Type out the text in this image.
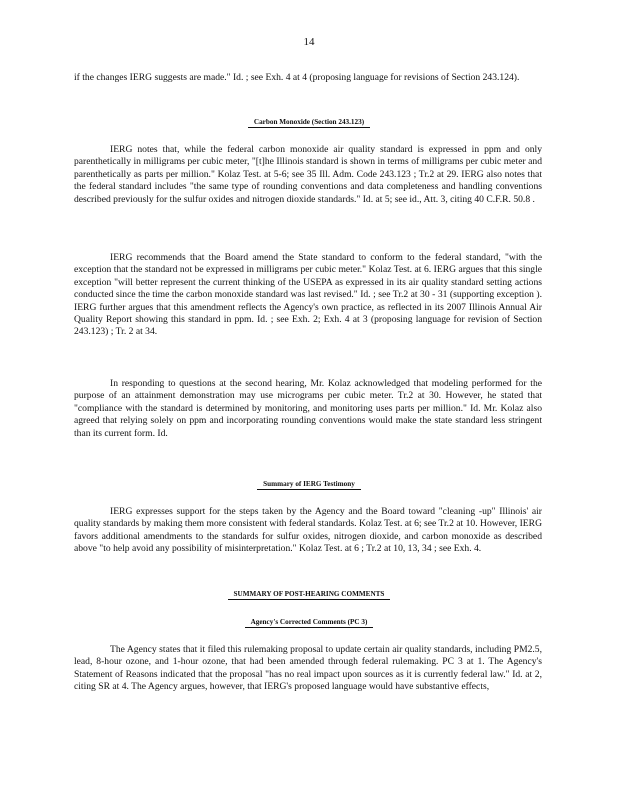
14
if the changes IERG suggests are made." Id. ; see Exh. 4 at 4 (proposing language for revisions of Section 243.124).
Carbon Monoxide (Section 243.123)
IERG notes that, while the federal carbon monoxide air quality standard is expressed in ppm and only parenthetically in milligrams per cubic meter, "[t]he Illinois standard is shown in terms of milligrams per cubic meter and parenthetically as parts per million." Kolaz Test. at 5-6; see 35 Ill. Adm. Code 243.123 ; Tr.2 at 29. IERG also notes that the federal standard includes "the same type of rounding conventions and data completeness and handling conventions described previously for the sulfur oxides and nitrogen dioxide standards." Id. at 5; see id., Att. 3, citing 40 C.F.R. 50.8 .
IERG recommends that the Board amend the State standard to conform to the federal standard, "with the exception that the standard not be expressed in milligrams per cubic meter." Kolaz Test. at 6. IERG argues that this single exception "will better represent the current thinking of the USEPA as expressed in its air quality standard setting actions conducted since the time the carbon monoxide standard was last revised." Id. ; see Tr.2 at 30 - 31 (supporting exception ). IERG further argues that this amendment reflects the Agency's own practice, as reflected in its 2007 Illinois Annual Air Quality Report showing this standard in ppm. Id. ; see Exh. 2; Exh. 4 at 3 (proposing language for revision of Section 243.123) ; Tr. 2 at 34.
In responding to questions at the second hearing, Mr. Kolaz acknowledged that modeling performed for the purpose of an attainment demonstration may use micrograms per cubic meter. Tr.2 at 30. However, he stated that "compliance with the standard is determined by monitoring, and monitoring uses parts per million." Id. Mr. Kolaz also agreed that relying solely on ppm and incorporating rounding conventions would make the state standard less stringent than its current form. Id.
Summary of IERG Testimony
IERG expresses support for the steps taken by the Agency and the Board toward "cleaning -up" Illinois' air quality standards by making them more consistent with federal standards. Kolaz Test. at 6; see Tr.2 at 10. However, IERG favors additional amendments to the standards for sulfur oxides, nitrogen dioxide, and carbon monoxide as described above "to help avoid any possibility of misinterpretation." Kolaz Test. at 6 ; Tr.2 at 10, 13, 34 ; see Exh. 4.
SUMMARY OF POST-HEARING COMMENTS
Agency's Corrected Comments (PC 3)
The Agency states that it filed this rulemaking proposal to update certain air quality standards, including PM2.5, lead, 8-hour ozone, and 1-hour ozone, that had been amended through federal rulemaking. PC 3 at 1. The Agency's Statement of Reasons indicated that the proposal "has no real impact upon sources as it is currently federal law." Id. at 2, citing SR at 4. The Agency argues, however, that IERG's proposed language would have substantive effects,
